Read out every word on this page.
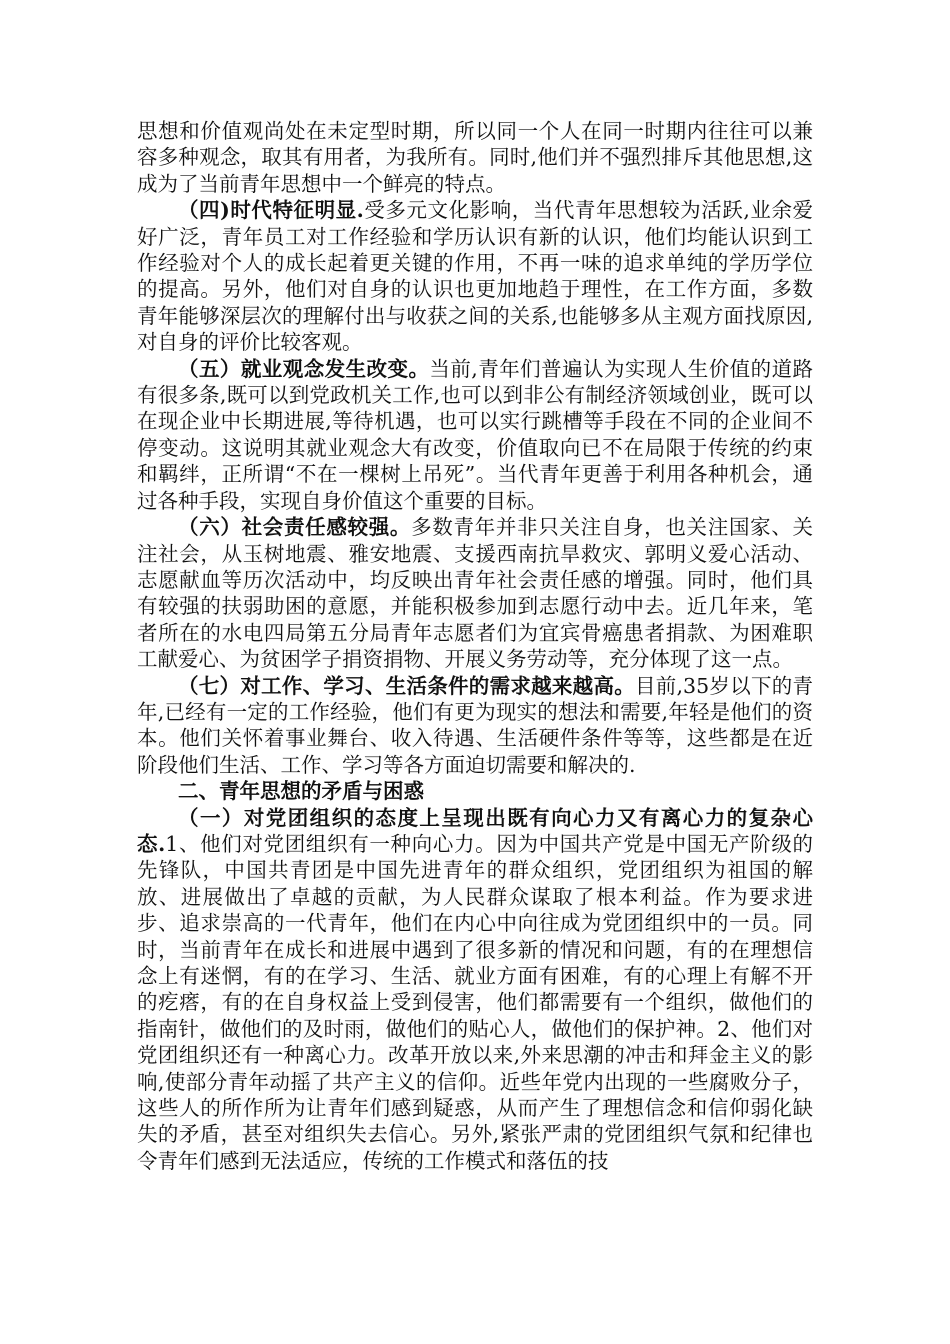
思想和价值观尚处在未定型时期，所以同一个人在同一时期内往往可以兼容多种观念，取其有用者，为我所有。同时,他们并不强烈排斥其他思想,这成为了当前青年思想中一个鲜亮的特点。

（四)时代特征明显.受多元文化影响，当代青年思想较为活跃,业余爱好广泛，青年员工对工作经验和学历认识有新的认识，他们均能认识到工作经验对个人的成长起着更关键的作用，不再一味的追求单纯的学历学位的提高。另外，他们对自身的认识也更加地趋于理性，在工作方面，多数青年能够深层次的理解付出与收获之间的关系,也能够多从主观方面找原因,对自身的评价比较客观。

（五）就业观念发生改变。当前,青年们普遍认为实现人生价值的道路有很多条,既可以到党政机关工作,也可以到非公有制经济领域创业，既可以在现企业中长期进展,等待机遇，也可以实行跳槽等手段在不同的企业间不停变动。这说明其就业观念大有改变，价值取向已不在局限于传统的约束和羁绊，正所谓“不在一棵树上吊死”。当代青年更善于利用各种机会，通过各种手段，实现自身价值这个重要的目标。

（六）社会责任感较强。多数青年并非只关注自身，也关注国家、关注社会，从玉树地震、雅安地震、支援西南抗旱救灾、郭明义爱心活动、志愿献血等历次活动中，均反映出青年社会责任感的增强。同时，他们具有较强的扶弱助困的意愿，并能积极参加到志愿行动中去。近几年来，笔者所在的水电四局第五分局青年志愿者们为宜宾骨癌患者捐款、为困难职工献爱心、为贫困学子捐资捐物、开展义务劳动等，充分体现了这一点。

（七）对工作、学习、生活条件的需求越来越高。目前,35岁以下的青年,已经有一定的工作经验，他们有更为现实的想法和需要,年轻是他们的资本。他们关怀着事业舞台、收入待遇、生活硬件条件等等，这些都是在近阶段他们生活、工作、学习等各方面迫切需要和解决的.

二、青年思想的矛盾与困惑

（一）对党团组织的态度上呈现出既有向心力又有离心力的复杂心态.1、他们对党团组织有一种向心力。因为中国共产党是中国无产阶级的先锋队，中国共青团是中国先进青年的群众组织，党团组织为祖国的解放、进展做出了卓越的贡献，为人民群众谋取了根本利益。作为要求进步、追求崇高的一代青年，他们在内心中向往成为党团组织中的一员。同时，当前青年在成长和进展中遇到了很多新的情况和问题，有的在理想信念上有迷惘，有的在学习、生活、就业方面有困难，有的心理上有解不开的疙瘩，有的在自身权益上受到侵害，他们都需要有一个组织，做他们的指南针，做他们的及时雨，做他们的贴心人，做他们的保护神。2、他们对党团组织还有一种离心力。改革开放以来,外来思潮的冲击和拜金主义的影响,使部分青年动摇了共产主义的信仰。近些年党内出现的一些腐败分子，这些人的所作所为让青年们感到疑惑，从而产生了理想信念和信仰弱化缺失的矛盾，甚至对组织失去信心。另外,紧张严肃的党团组织气氛和纪律也令青年们感到无法适应，传统的工作模式和落伍的技
